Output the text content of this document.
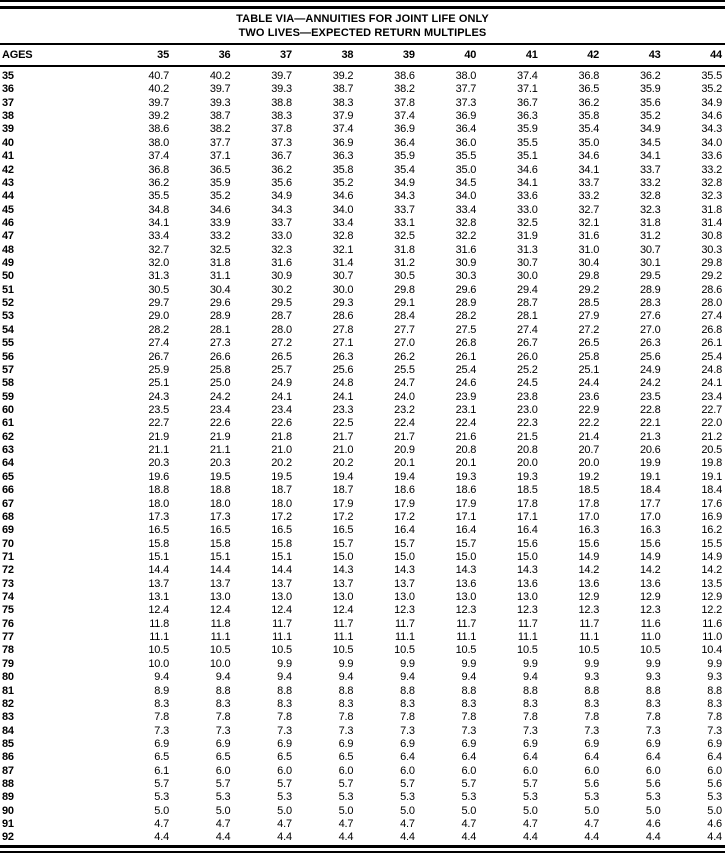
TABLE VIA—ANNUITIES FOR JOINT LIFE ONLY
TWO LIVES—EXPECTED RETURN MULTIPLES
AGES	35	36	37	38	39	40	41	42	43	44
35	40.7	40.2	39.7	39.2	38.6	38.0	37.4	36.8	36.2	35.5
36	40.2	39.7	39.3	38.7	38.2	37.7	37.1	36.5	35.9	35.2
37	39.7	39.3	38.8	38.3	37.8	37.3	36.7	36.2	35.6	34.9
38	39.2	38.7	38.3	37.9	37.4	36.9	36.3	35.8	35.2	34.6
39	38.6	38.2	37.8	37.4	36.9	36.4	35.9	35.4	34.9	34.3
40	38.0	37.7	37.3	36.9	36.4	36.0	35.5	35.0	34.5	34.0
41	37.4	37.1	36.7	36.3	35.9	35.5	35.1	34.6	34.1	33.6
42	36.8	36.5	36.2	35.8	35.4	35.0	34.6	34.1	33.7	33.2
43	36.2	35.9	35.6	35.2	34.9	34.5	34.1	33.7	33.2	32.8
44	35.5	35.2	34.9	34.6	34.3	34.0	33.6	33.2	32.8	32.3
45	34.8	34.6	34.3	34.0	33.7	33.4	33.0	32.7	32.3	31.8
46	34.1	33.9	33.7	33.4	33.1	32.8	32.5	32.1	31.8	31.4
47	33.4	33.2	33.0	32.8	32.5	32.2	31.9	31.6	31.2	30.8
48	32.7	32.5	32.3	32.1	31.8	31.6	31.3	31.0	30.7	30.3
49	32.0	31.8	31.6	31.4	31.2	30.9	30.7	30.4	30.1	29.8
50	31.3	31.1	30.9	30.7	30.5	30.3	30.0	29.8	29.5	29.2
51	30.5	30.4	30.2	30.0	29.8	29.6	29.4	29.2	28.9	28.6
52	29.7	29.6	29.5	29.3	29.1	28.9	28.7	28.5	28.3	28.0
53	29.0	28.9	28.7	28.6	28.4	28.2	28.1	27.9	27.6	27.4
54	28.2	28.1	28.0	27.8	27.7	27.5	27.4	27.2	27.0	26.8
55	27.4	27.3	27.2	27.1	27.0	26.8	26.7	26.5	26.3	26.1
56	26.7	26.6	26.5	26.3	26.2	26.1	26.0	25.8	25.6	25.4
57	25.9	25.8	25.7	25.6	25.5	25.4	25.2	25.1	24.9	24.8
58	25.1	25.0	24.9	24.8	24.7	24.6	24.5	24.4	24.2	24.1
59	24.3	24.2	24.1	24.1	24.0	23.9	23.8	23.6	23.5	23.4
60	23.5	23.4	23.4	23.3	23.2	23.1	23.0	22.9	22.8	22.7
61	22.7	22.6	22.6	22.5	22.4	22.4	22.3	22.2	22.1	22.0
62	21.9	21.9	21.8	21.7	21.7	21.6	21.5	21.4	21.3	21.2
63	21.1	21.1	21.0	21.0	20.9	20.8	20.8	20.7	20.6	20.5
64	20.3	20.3	20.2	20.2	20.1	20.1	20.0	20.0	19.9	19.8
65	19.6	19.5	19.5	19.4	19.4	19.3	19.3	19.2	19.1	19.1
66	18.8	18.8	18.7	18.7	18.6	18.6	18.5	18.5	18.4	18.4
67	18.0	18.0	18.0	17.9	17.9	17.9	17.8	17.8	17.7	17.6
68	17.3	17.3	17.2	17.2	17.2	17.1	17.1	17.0	17.0	16.9
69	16.5	16.5	16.5	16.5	16.4	16.4	16.4	16.3	16.3	16.2
70	15.8	15.8	15.8	15.7	15.7	15.7	15.6	15.6	15.6	15.5
71	15.1	15.1	15.1	15.0	15.0	15.0	15.0	14.9	14.9	14.9
72	14.4	14.4	14.4	14.3	14.3	14.3	14.3	14.2	14.2	14.2
73	13.7	13.7	13.7	13.7	13.7	13.6	13.6	13.6	13.6	13.5
74	13.1	13.0	13.0	13.0	13.0	13.0	13.0	12.9	12.9	12.9
75	12.4	12.4	12.4	12.4	12.3	12.3	12.3	12.3	12.3	12.2
76	11.8	11.8	11.7	11.7	11.7	11.7	11.7	11.7	11.6	11.6
77	11.1	11.1	11.1	11.1	11.1	11.1	11.1	11.1	11.0	11.0
78	10.5	10.5	10.5	10.5	10.5	10.5	10.5	10.5	10.5	10.4
79	10.0	10.0	9.9	9.9	9.9	9.9	9.9	9.9	9.9	9.9
80	9.4	9.4	9.4	9.4	9.4	9.4	9.4	9.3	9.3	9.3
81	8.9	8.8	8.8	8.8	8.8	8.8	8.8	8.8	8.8	8.8
82	8.3	8.3	8.3	8.3	8.3	8.3	8.3	8.3	8.3	8.3
83	7.8	7.8	7.8	7.8	7.8	7.8	7.8	7.8	7.8	7.8
84	7.3	7.3	7.3	7.3	7.3	7.3	7.3	7.3	7.3	7.3
85	6.9	6.9	6.9	6.9	6.9	6.9	6.9	6.9	6.9	6.9
86	6.5	6.5	6.5	6.5	6.4	6.4	6.4	6.4	6.4	6.4
87	6.1	6.0	6.0	6.0	6.0	6.0	6.0	6.0	6.0	6.0
88	5.7	5.7	5.7	5.7	5.7	5.7	5.7	5.6	5.6	5.6
89	5.3	5.3	5.3	5.3	5.3	5.3	5.3	5.3	5.3	5.3
90	5.0	5.0	5.0	5.0	5.0	5.0	5.0	5.0	5.0	5.0
91	4.7	4.7	4.7	4.7	4.7	4.7	4.7	4.7	4.6	4.6
92	4.4	4.4	4.4	4.4	4.4	4.4	4.4	4.4	4.4	4.4
